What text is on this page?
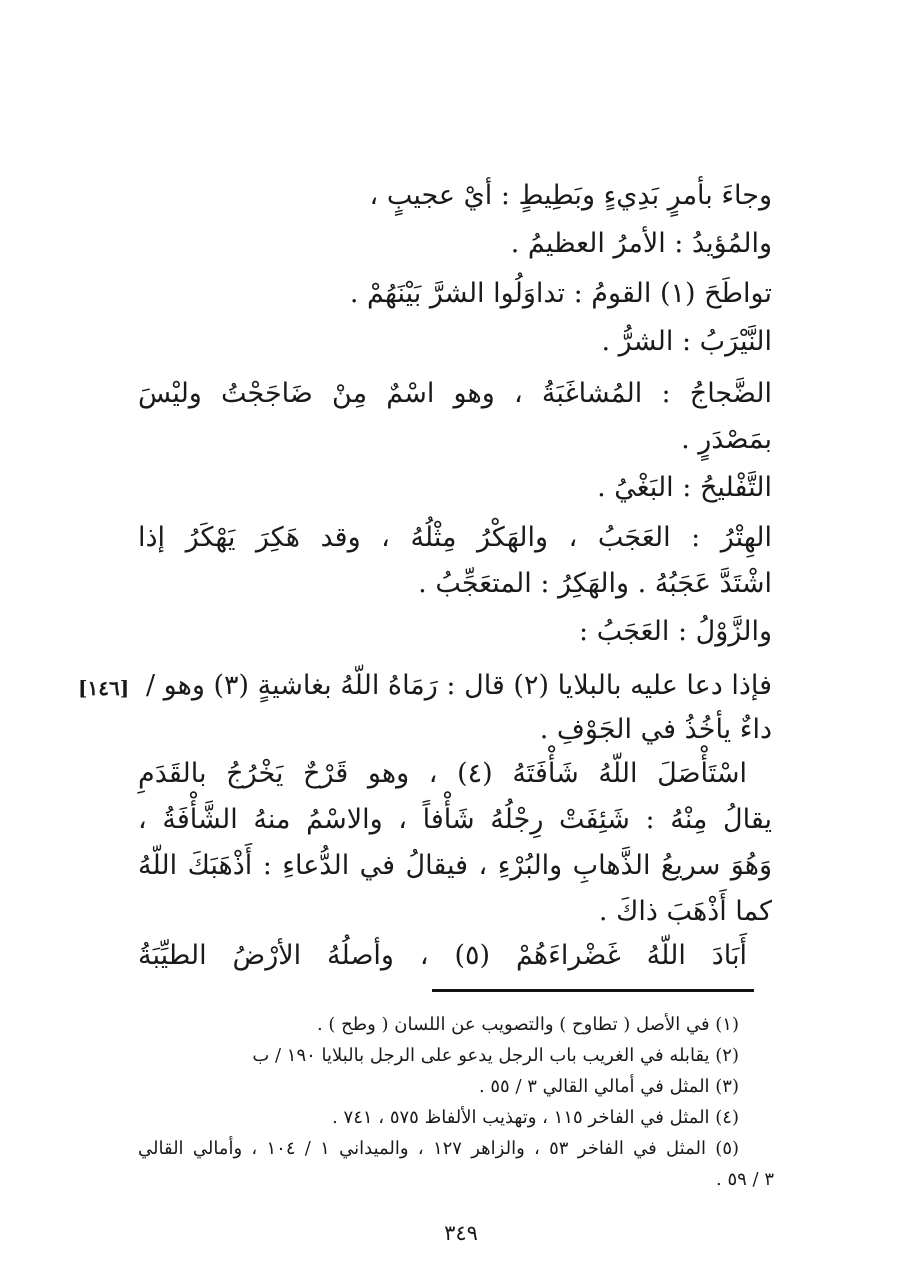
وجاءَ بأمرٍ بَدِيءٍ وبَطِيطٍ : أيْ عجيبٍ ،
والمُؤيدُ : الأمرُ العظيمُ .
تواطَحَ (١) القومُ : تداوَلُوا الشرَّ بَيْنَهُمْ .
النَّيْرَبُ : الشرُّ .
الضَّجاجُ : المُشاغَبَةُ ، وهو اسْمٌ مِنْ ضَاجَجْتُ وليْسَ
بمَصْدَرٍ .
التَّفْليحُ : البَغْيُ .
الهِتْرُ : العَجَبُ ، والهَكْرُ مِثْلُهُ ، وقد هَكِرَ يَهْكَرُ إذا
اشْتَدَّ عَجَبُهُ . والهَكِرُ : المتعَجِّبُ .
والزَّوْلُ : العَجَبُ :
فإذا دعا عليه بالبلايا (٢) قال : رَمَاهُ اللّهُ بغاشيةٍ (٣) وهو /
[١٤٦]
داءٌ يأخُذُ في الجَوْفِ .
اسْتَأْصَلَ اللّهُ شَأْفَتَهُ (٤) ، وهو قَرْحٌ يَخْرُجُ بالقَدَمِ
يقالُ مِنْهُ : شَئِفَتْ رِجْلُهُ شَأْفاً ، والاسْمُ منهُ الشَّأْفَةُ ،
وَهُوَ سريعُ الذَّهابِ والبُرْءِ ، فيقالُ في الدُّعاءِ : أَذْهَبَكَ اللّهُ
كما أَذْهَبَ ذاكَ .
أَبَادَ اللّهُ غَضْراءَهُمْ (٥) ، وأصلُهُ الأرْضُ الطيِّبَةُ
(١) في الأصل ( تطاوح ) والتصويب عن اللسان ( وطح ) .
(٢) يقابله في الغريب باب الرجل يدعو على الرجل بالبلايا ١٩٠ / ب
(٣) المثل في أمالي القالي ٣ / ٥٥ .
(٤) المثل في الفاخر ١١٥ ، وتهذيب الألفاظ ٥٧٥ ، ٧٤١ .
(٥) المثل في الفاخر ٥٣ ، والزاهر ١٢٧ ، والميداني ١ / ١٠٤ ، وأمالي القالي
٣ / ٥٩ .
٣٤٩
